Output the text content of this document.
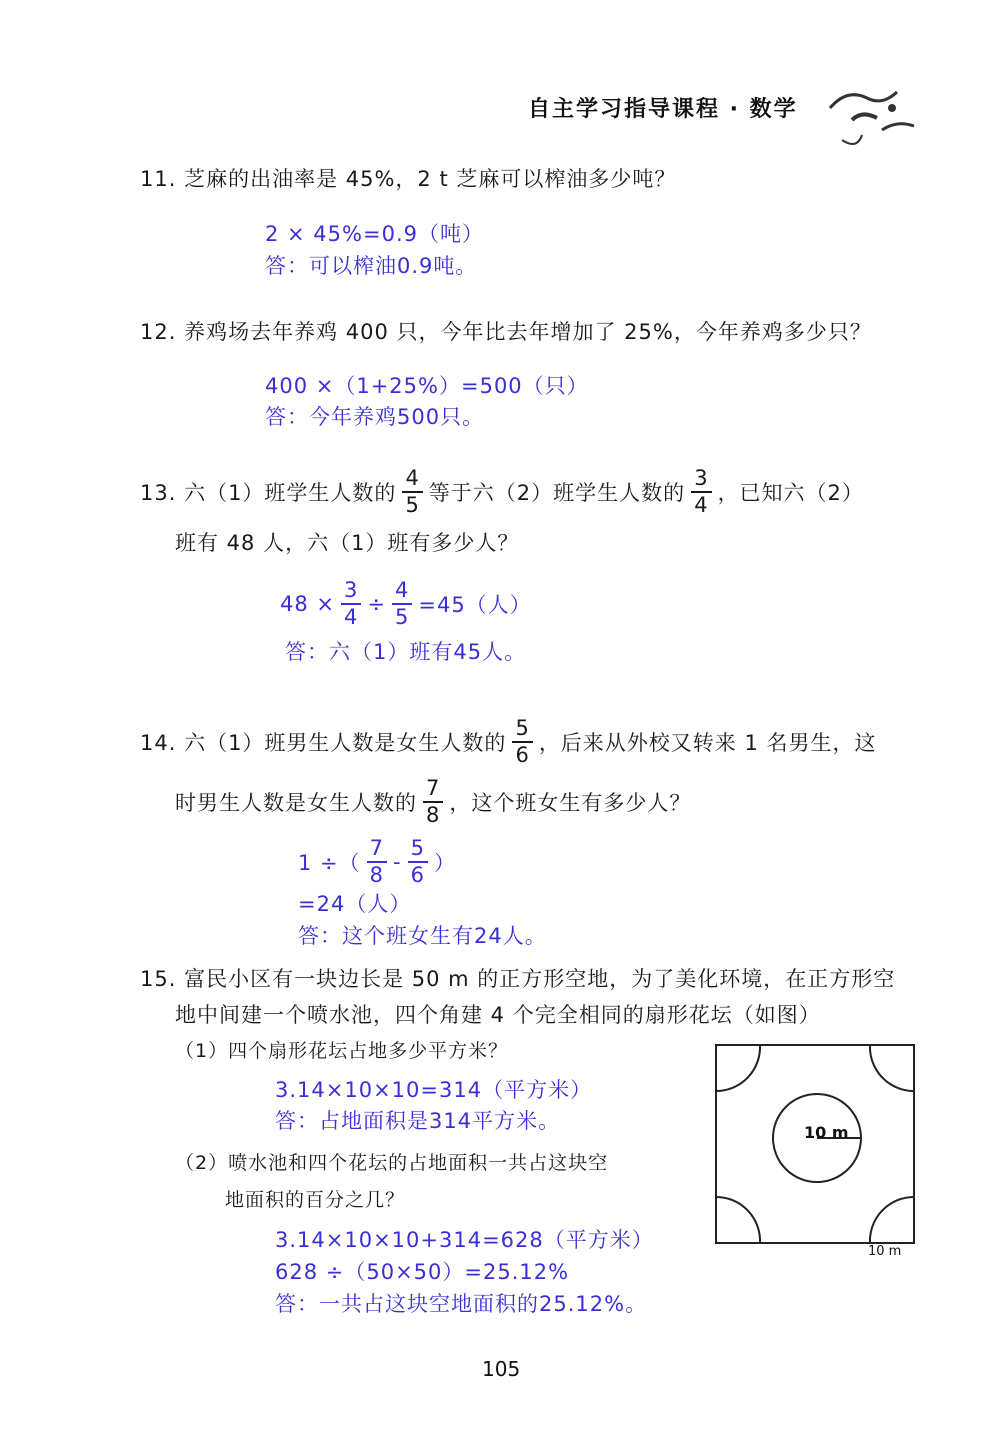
自主学习指导课程 · 数学
11. 芝麻的出油率是 45%，2 t 芝麻可以榨油多少吨？
2 × 45%=0.9（吨）
答：可以榨油0.9吨。
12. 养鸡场去年养鸡 400 只，今年比去年增加了 25%，今年养鸡多少只？
400 ×（1+25%）=500（只）
答：今年养鸡500只。
13. 六（1）班学生人数的 $\frac{4}{5}$ 等于六（2）班学生人数的 $\frac{3}{4}$ ，已知六（2）
班有 48 人，六（1）班有多少人？
$48 \times \frac{3}{4} \div \frac{4}{5} =45$（人）
答：六（1）班有45人。
14. 六（1）班男生人数是女生人数的 $\frac{5}{6}$ ，后来从外校又转来 1 名男生，这
时男生人数是女生人数的 $\frac{7}{8}$ ，这个班女生有多少人？
1 ÷（ $\frac{7}{8} - \frac{5}{6}$ ）
=24（人）
答：这个班女生有24人。
15. 富民小区有一块边长是 50 m 的正方形空地，为了美化环境，在正方形空
地中间建一个喷水池，四个角建 4 个完全相同的扇形花坛（如图）
（1）四个扇形花坛占地多少平方米？
3.14×10×10=314（平方米）
答：占地面积是314平方米。
（2）喷水池和四个花坛的占地面积一共占这块空
地面积的百分之几？
3.14×10×10+314=628（平方米）
628 ÷（50×50）=25.12%
答：一共占这块空地面积的25.12%。
10 m
10 m
105
